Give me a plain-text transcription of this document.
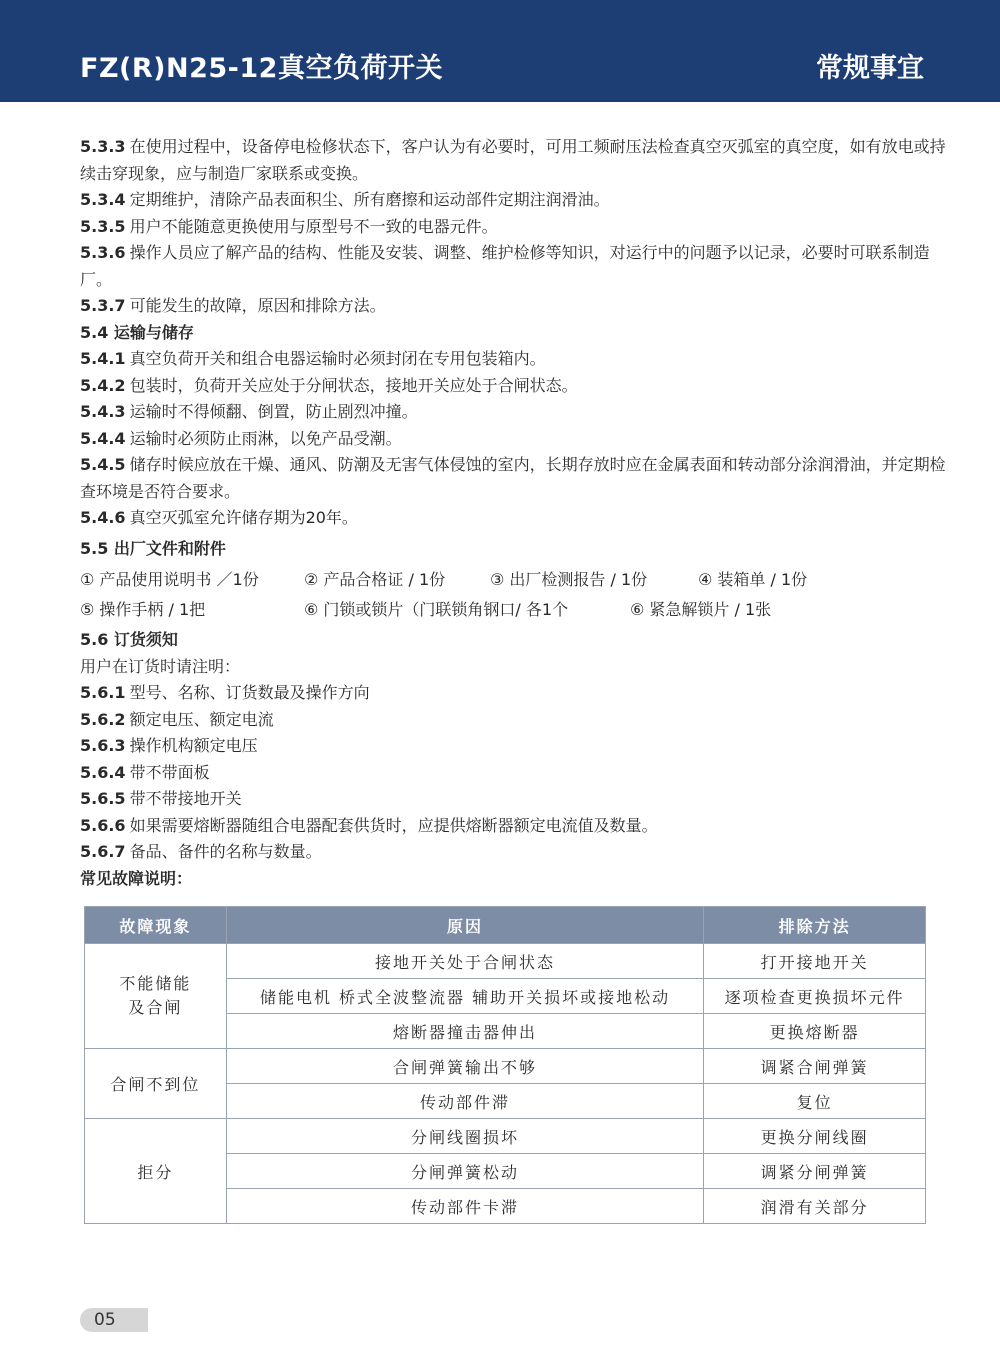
FZ(R)N25-12真空负荷开关	常规事宜

5.3.3 在使用过程中，设备停电检修状态下，客户认为有必要时，可用工频耐压法检查真空灭弧室的真空度，如有放电或持续击穿现象，应与制造厂家联系或变换。

5.3.4 定期维护，清除产品表面积尘、所有磨擦和运动部件定期注润滑油。

5.3.5 用户不能随意更换使用与原型号不一致的电器元件。

5.3.6 操作人员应了解产品的结构、性能及安装、调整、维护检修等知识，对运行中的问题予以记录，必要时可联系制造厂。

5.3.7 可能发生的故障，原因和排除方法。

5.4 运输与储存

5.4.1 真空负荷开关和组合电器运输时必须封闭在专用包装箱内。

5.4.2 包装时，负荷开关应处于分闸状态，接地开关应处于合闸状态。

5.4.3 运输时不得倾翻、倒置，防止剧烈冲撞。

5.4.4 运输时必须防止雨淋，以免产品受潮。

5.4.5 储存时候应放在干燥、通风、防潮及无害气体侵蚀的室内，长期存放时应在金属表面和转动部分涂润滑油，并定期检查环境是否符合要求。

5.4.6 真空灭弧室允许储存期为20年。

5.5 出厂文件和附件

① 产品使用说明书 ／1份	② 产品合格证 / 1份	③ 出厂检测报告 / 1份	④ 装箱单 / 1份
⑤ 操作手柄 / 1把	⑥ 门锁或锁片（门联锁角钢口/ 各1个	⑥ 紧急解锁片 / 1张

5.6 订货须知

用户在订货时请注明：

5.6.1 型号、名称、订货数最及操作方向

5.6.2 额定电压、额定电流

5.6.3 操作机构额定电压

5.6.4 带不带面板

5.6.5 带不带接地开关

5.6.6 如果需要熔断器随组合电器配套供货时，应提供熔断器额定电流值及数量。

5.6.7 备品、备件的名称与数量。

常见故障说明：

故障现象	原因	排除方法
不能储能
及合闸	接地开关处于合闸状态	打开接地开关
	储能电机 桥式全波整流器 辅助开关损坏或接地松动	逐项检查更换损坏元件
	熔断器撞击器伸出	更换熔断器
合闸不到位	合闸弹簧输出不够	调紧合闸弹簧
	传动部件滞	复位
拒分	分闸线圈损坏	更换分闸线圈
	分闸弹簧松动	调紧分闸弹簧
	传动部件卡滞	润滑有关部分
05
